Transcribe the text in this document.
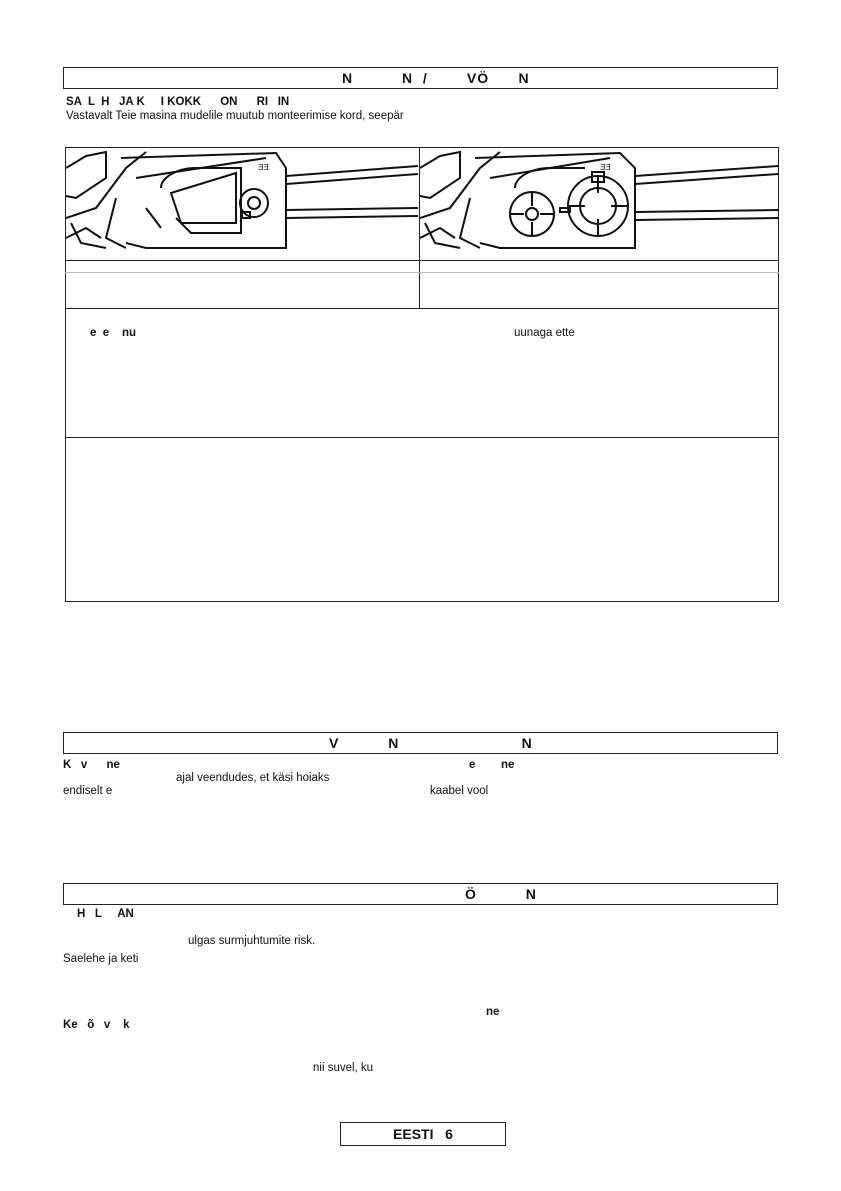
N          N  /        VÖ      N
SA  L  H   JA K     I KOKK      ON      RI   IN
Vastavalt Teie masina mudelile muutub monteerimise kord, seepär
ƎƎ	ƎƎ
e  e    nu	uunaga ette
V          N                         N
K   v      ne	e        ne
ajal veendudes, et käsi hoiaks
endiselt e	kaabel vool
Ö          N
H   L     AN
ulgas surmjuhtumite risk.
Saelehe ja keti
ne
Ke   õ   v    k
nii suvel, ku
EESTI   6
